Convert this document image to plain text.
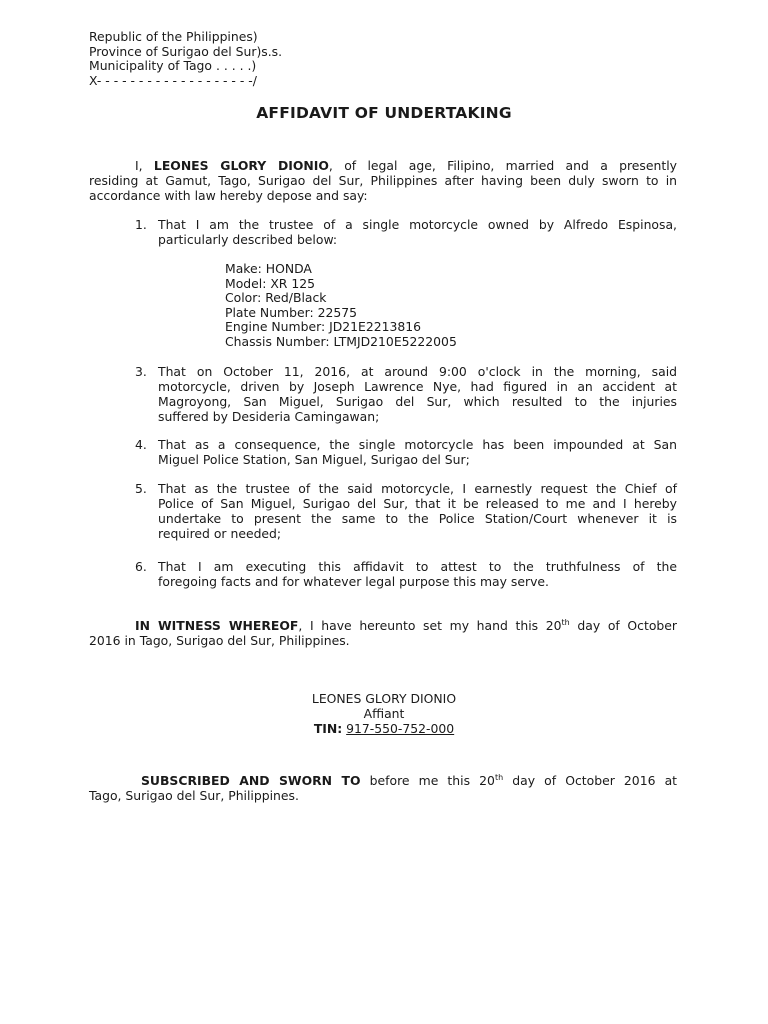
Republic of the Philippines)
Province of Surigao del Sur)s.s.
Municipality of Tago . . . . .)
X- - - - - - - - - - - - - - - - - - -/
AFFIDAVIT OF UNDERTAKING
I, LEONES GLORY DIONIO, of legal age, Filipino, married and a presently
residing at Gamut, Tago, Surigao del Sur, Philippines after having been duly sworn to in
accordance with law hereby depose and say:
1. That I am the trustee of a single motorcycle owned by Alfredo Espinosa,
particularly described below:
Make: HONDA
Model: XR 125
Color: Red/Black
Plate Number: 22575
Engine Number: JD21E2213816
Chassis Number: LTMJD210E5222005
3. That on October 11, 2016, at around 9:00 o'clock in the morning, said
motorcycle, driven by Joseph Lawrence Nye, had figured in an accident at
Magroyong, San Miguel, Surigao del Sur, which resulted to the injuries
suffered by Desideria Camingawan;
4. That as a consequence, the single motorcycle has been impounded at San
Miguel Police Station, San Miguel, Surigao del Sur;
5. That as the trustee of the said motorcycle, I earnestly request the Chief of
Police of San Miguel, Surigao del Sur, that it be released to me and I hereby
undertake to present the same to the Police Station/Court whenever it is
required or needed;
6. That I am executing this affidavit to attest to the truthfulness of the
foregoing facts and for whatever legal purpose this may serve.
IN WITNESS WHEREOF, I have hereunto set my hand this 20th day of October
2016 in Tago, Surigao del Sur, Philippines.
LEONES GLORY DIONIO
Affiant
TIN: 917-550-752-000
SUBSCRIBED AND SWORN TO before me this 20th day of October 2016 at
Tago, Surigao del Sur, Philippines.
